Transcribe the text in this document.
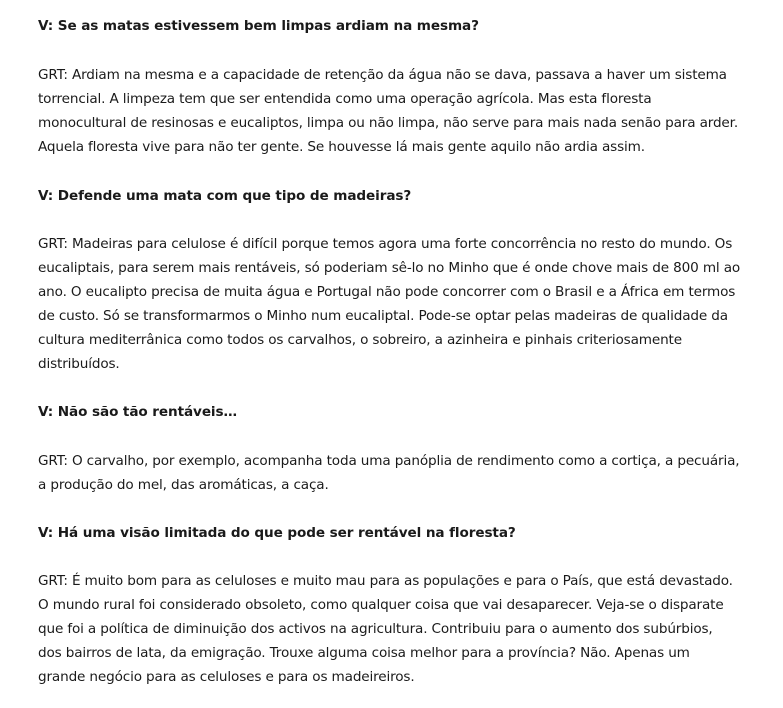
V: Se as matas estivessem bem limpas ardiam na mesma?
GRT: Ardiam na mesma e a capacidade de retenção da água não se dava, passava a haver um sistema
torrencial. A limpeza tem que ser entendida como uma operação agrícola. Mas esta floresta
monocultural de resinosas e eucaliptos, limpa ou não limpa, não serve para mais nada senão para arder.
Aquela floresta vive para não ter gente. Se houvesse lá mais gente aquilo não ardia assim.
V: Defende uma mata com que tipo de madeiras?
GRT: Madeiras para celulose é difícil porque temos agora uma forte concorrência no resto do mundo. Os
eucaliptais, para serem mais rentáveis, só poderiam sê-lo no Minho que é onde chove mais de 800 ml ao
ano. O eucalipto precisa de muita água e Portugal não pode concorrer com o Brasil e a África em termos
de custo. Só se transformarmos o Minho num eucaliptal. Pode-se optar pelas madeiras de qualidade da
cultura mediterrânica como todos os carvalhos, o sobreiro, a azinheira e pinhais criteriosamente
distribuídos.
V: Não são tão rentáveis…
GRT: O carvalho, por exemplo, acompanha toda uma panóplia de rendimento como a cortiça, a pecuária,
a produção do mel, das aromáticas, a caça.
V: Há uma visão limitada do que pode ser rentável na floresta?
GRT: É muito bom para as celuloses e muito mau para as populações e para o País, que está devastado.
O mundo rural foi considerado obsoleto, como qualquer coisa que vai desaparecer. Veja-se o disparate
que foi a política de diminuição dos activos na agricultura. Contribuiu para o aumento dos subúrbios,
dos bairros de lata, da emigração. Trouxe alguma coisa melhor para a província? Não. Apenas um
grande negócio para as celuloses e para os madeireiros.
